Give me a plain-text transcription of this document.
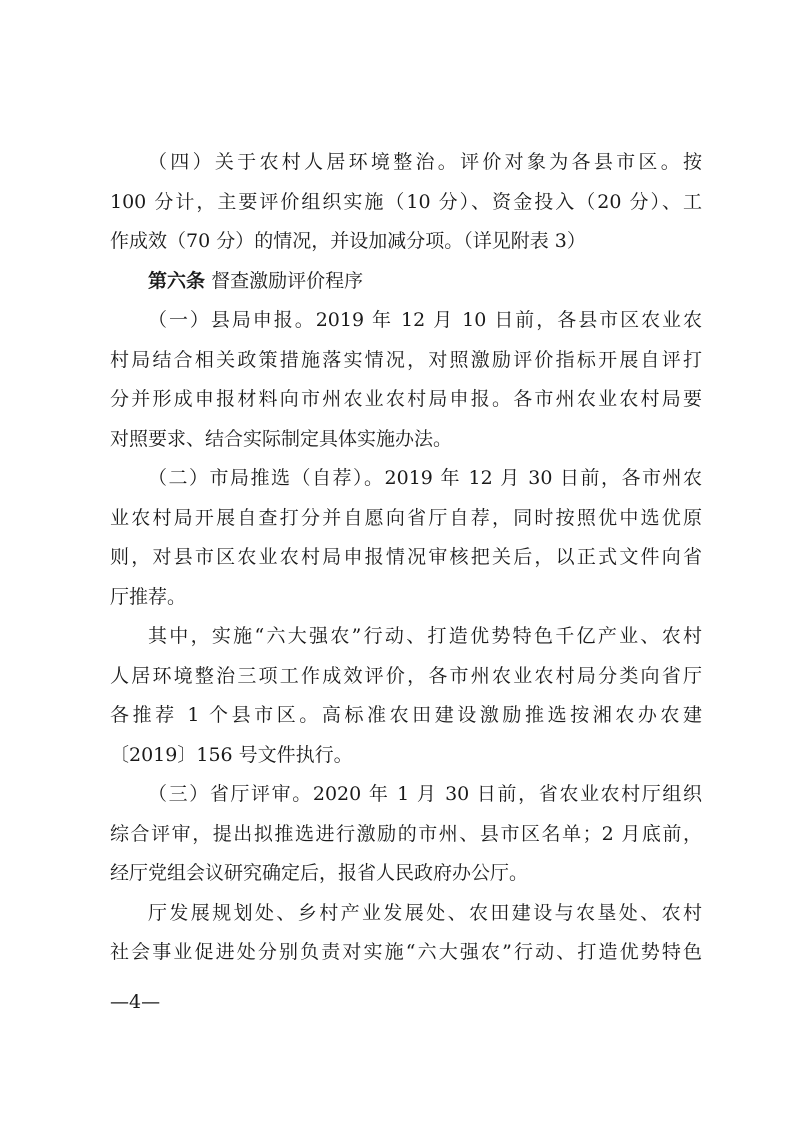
（四）关于农村人居环境整治。评价对象为各县市区。按
100 分计，主要评价组织实施（10 分）、资金投入（20 分）、工
作成效（70 分）的情况，并设加减分项。（详见附表 3）
第六条 督查激励评价程序
（一）县局申报。2019 年 12 月 10 日前，各县市区农业农
村局结合相关政策措施落实情况，对照激励评价指标开展自评打
分并形成申报材料向市州农业农村局申报。各市州农业农村局要
对照要求、结合实际制定具体实施办法。
（二）市局推选（自荐）。2019 年 12 月 30 日前，各市州农
业农村局开展自查打分并自愿向省厅自荐，同时按照优中选优原
则，对县市区农业农村局申报情况审核把关后，以正式文件向省
厅推荐。
其中，实施“六大强农”行动、打造优势特色千亿产业、农村
人居环境整治三项工作成效评价，各市州农业农村局分类向省厅
各推荐 1 个县市区。高标准农田建设激励推选按湘农办农建
〔2019〕156 号文件执行。
（三）省厅评审。2020 年 1 月 30 日前，省农业农村厅组织
综合评审，提出拟推选进行激励的市州、县市区名单；2 月底前，
经厅党组会议研究确定后，报省人民政府办公厅。
厅发展规划处、乡村产业发展处、农田建设与农垦处、农村
社会事业促进处分别负责对实施“六大强农”行动、打造优势特色
—4—
